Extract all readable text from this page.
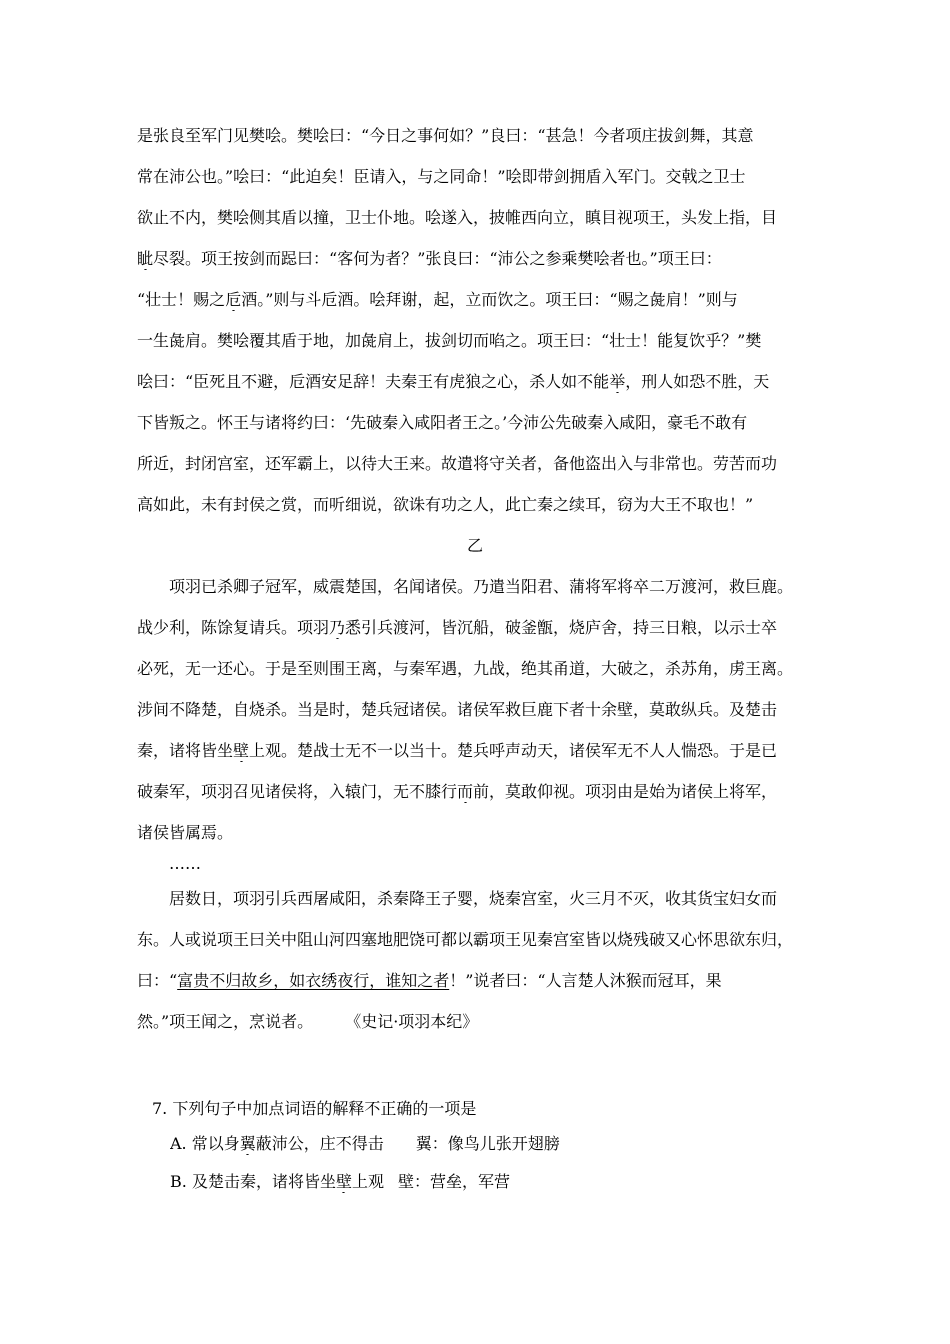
是张良至军门见樊哙。樊哙曰：“今日之事何如？”良曰：“甚急！今者项庄拔剑舞，其意
常在沛公也。”哙曰：“此迫矣！臣请入，与之同命！”哙即带剑拥盾入军门。交戟之卫士
欲止不内，樊哙侧其盾以撞，卫士仆地。哙遂入，披帷西向立，瞋目视项王，头发上指，目
眦尽裂。项王按剑而跽曰：“客何为者？”张良曰：“沛公之参乘樊哙者也。”项王曰：
“壮士！赐之卮酒。”则与斗卮酒。哙拜谢，起，立而饮之。项王曰：“赐之彘肩！”则与
一生彘肩。樊哙覆其盾于地，加彘肩上，拔剑切而啗之。项王曰：“壮士！能复饮乎？”樊
哙曰：“臣死且不避，卮酒安足辞！夫秦王有虎狼之心，杀人如不能举，刑人如恐不胜，天
下皆叛之。怀王与诸将约曰：‘先破秦入咸阳者王之。’今沛公先破秦入咸阳，豪毛不敢有
所近，封闭宫室，还军霸上，以待大王来。故遣将守关者，备他盗出入与非常也。劳苦而功
高如此，未有封侯之赏，而听细说，欲诛有功之人，此亡秦之续耳，窃为大王不取也！”
乙
项羽已杀卿子冠军，威震楚国，名闻诸侯。乃遣当阳君、蒲将军将卒二万渡河，救巨鹿。
战少利，陈馀复请兵。项羽乃悉引兵渡河，皆沉船，破釜甑，烧庐舍，持三日粮，以示士卒
必死，无一还心。于是至则围王离，与秦军遇，九战，绝其甬道，大破之，杀苏角，虏王离。
涉间不降楚，自烧杀。当是时，楚兵冠诸侯。诸侯军救巨鹿下者十余壁，莫敢纵兵。及楚击
秦，诸将皆坐壁上观。楚战士无不一以当十。楚兵呼声动天，诸侯军无不人人惴恐。于是已
破秦军，项羽召见诸侯将，入辕门，无不膝行而前，莫敢仰视。项羽由是始为诸侯上将军，
诸侯皆属焉。
……
居数日，项羽引兵西屠咸阳，杀秦降王子婴，烧秦宫室，火三月不灭，收其货宝妇女而
东。人或说项王曰关中阻山河四塞地肥饶可都以霸项王见秦宫室皆以烧残破又心怀思欲东归，
曰：“富贵不归故乡，如衣绣夜行，谁知之者！”说者曰：“人言楚人沐猴而冠耳，果
然。”项王闻之，烹说者。	《史记·项羽本纪》
7. 下列句子中加点词语的解释不正确的一项是
A. 常以身翼蔽沛公，庄不得击 翼：像鸟儿张开翅膀
B. 及楚击秦，诸将皆坐壁上观 壁：营垒，军营
